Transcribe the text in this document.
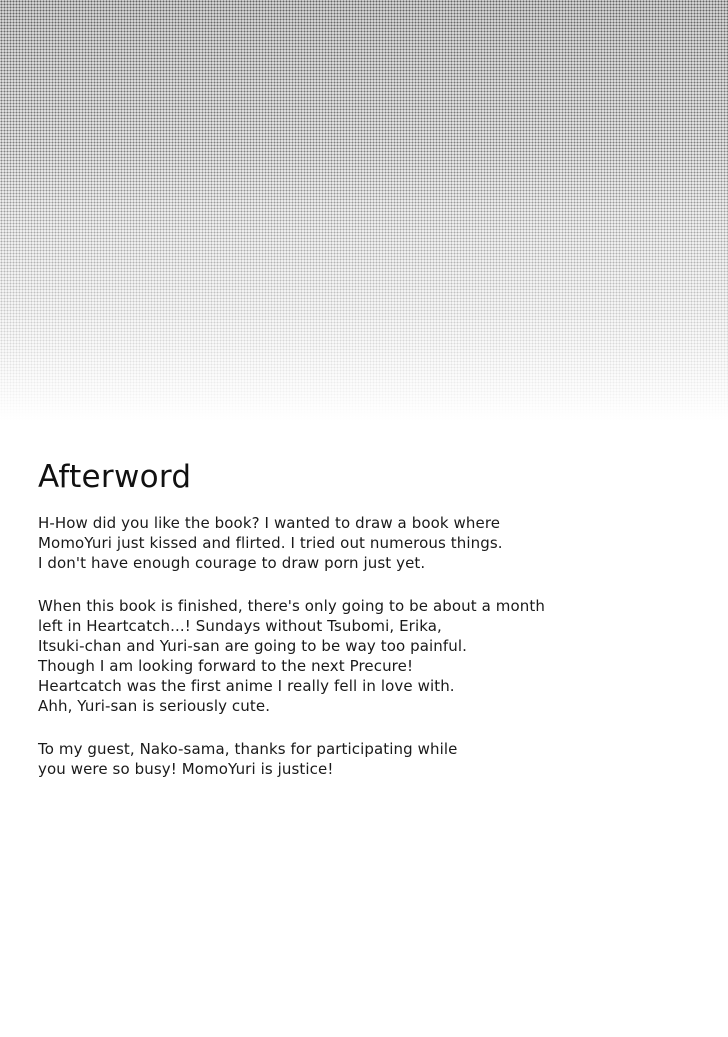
Afterword

H-How did you like the book? I wanted to draw a book where
MomoYuri just kissed and flirted. I tried out numerous things.
I don't have enough courage to draw porn just yet.

When this book is finished, there's only going to be about a month
left in Heartcatch...! Sundays without Tsubomi, Erika,
Itsuki-chan and Yuri-san are going to be way too painful.
Though I am looking forward to the next Precure!
Heartcatch was the first anime I really fell in love with.
Ahh, Yuri-san is seriously cute.

To my guest, Nako-sama, thanks for participating while
you were so busy! MomoYuri is justice!
